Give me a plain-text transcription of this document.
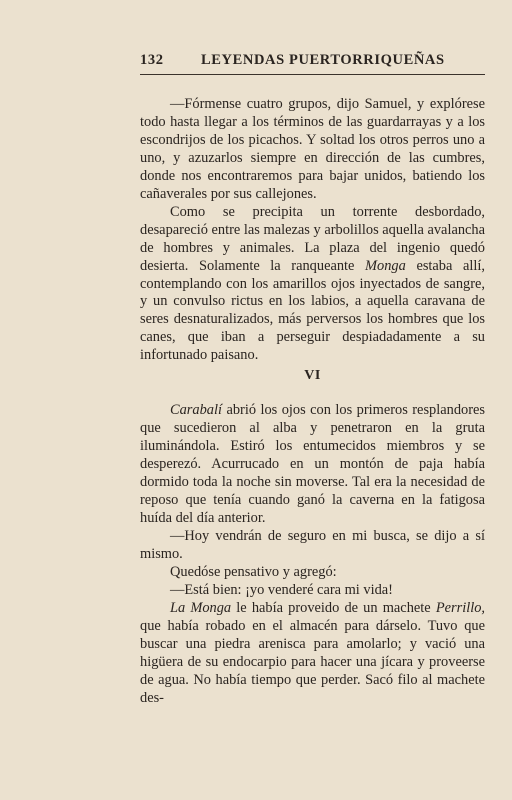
132	LEYENDAS PUERTORRIQUEÑAS

—Fórmense cuatro grupos, dijo Samuel, y explórese todo hasta llegar a los términos de las guardarrayas y a los escondrijos de los picachos. Y soltad los otros perros uno a uno, y azuzarlos siempre en dirección de las cumbres, donde nos encontraremos para bajar unidos, batiendo los cañaverales por sus callejones.

Como se precipita un torrente desbordado, desapareció entre las malezas y arbolillos aquella avalancha de hombres y animales. La plaza del ingenio quedó desierta. Solamente la ranqueante Monga estaba allí, contemplando con los amarillos ojos inyectados de sangre, y un convulso rictus en los labios, a aquella caravana de seres desnaturalizados, más perversos los hombres que los canes, que iban a perseguir despiadadamente a su infortunado paisano.

VI

Carabalí abrió los ojos con los primeros resplandores que sucedieron al alba y penetraron en la gruta iluminándola. Estiró los entumecidos miembros y se desperezó. Acurrucado en un montón de paja había dormido toda la noche sin moverse. Tal era la necesidad de reposo que tenía cuando ganó la caverna en la fatigosa huída del día anterior.

—Hoy vendrán de seguro en mi busca, se dijo a sí mismo.

Quedóse pensativo y agregó:

—Está bien: ¡yo venderé cara mi vida!

La Monga le había proveido de un machete Perrillo, que había robado en el almacén para dárselo. Tuvo que buscar una piedra arenisca para amolarlo; y vació una higüera de su endocarpio para hacer una jícara y proveerse de agua. No había tiempo que perder. Sacó filo al machete des-
